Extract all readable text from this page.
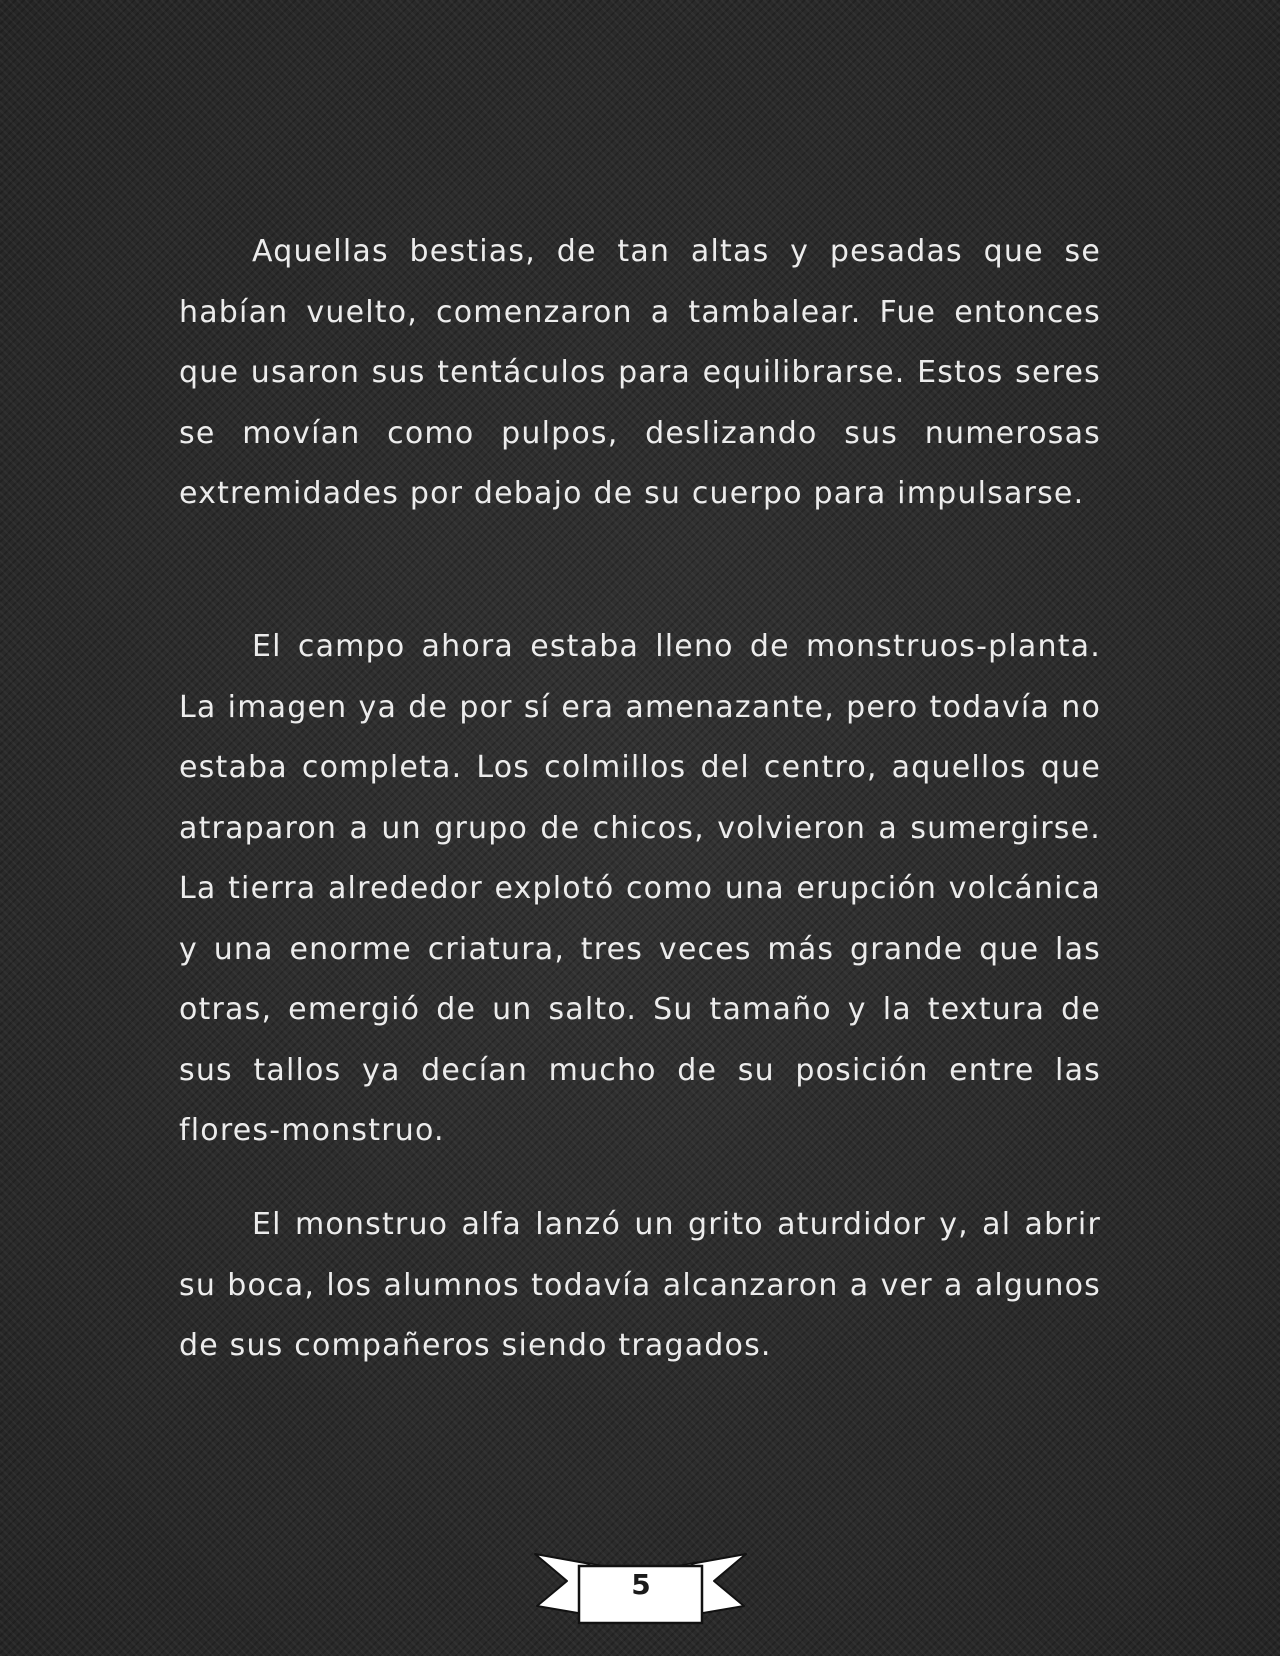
Aquellas bestias, de tan altas y pesadas que se habían vuelto, comenzaron a tambalear. Fue entonces que usaron sus tentáculos para equilibrarse. Estos seres se movían como pulpos, deslizando sus numerosas extremidades por debajo de su cuerpo para impulsarse.

El campo ahora estaba lleno de monstruos-planta. La imagen ya de por sí era amenazante, pero todavía no estaba completa. Los colmillos del centro, aquellos que atraparon a un grupo de chicos, volvieron a sumergirse. La tierra alrededor explotó como una erupción volcánica y una enorme criatura, tres veces más grande que las otras, emergió de un salto. Su tamaño y la textura de sus tallos ya decían mucho de su posición entre las flores-monstruo.

El monstruo alfa lanzó un grito aturdidor y, al abrir su boca, los alumnos todavía alcanzaron a ver a algunos de sus compañeros siendo tragados.

5
